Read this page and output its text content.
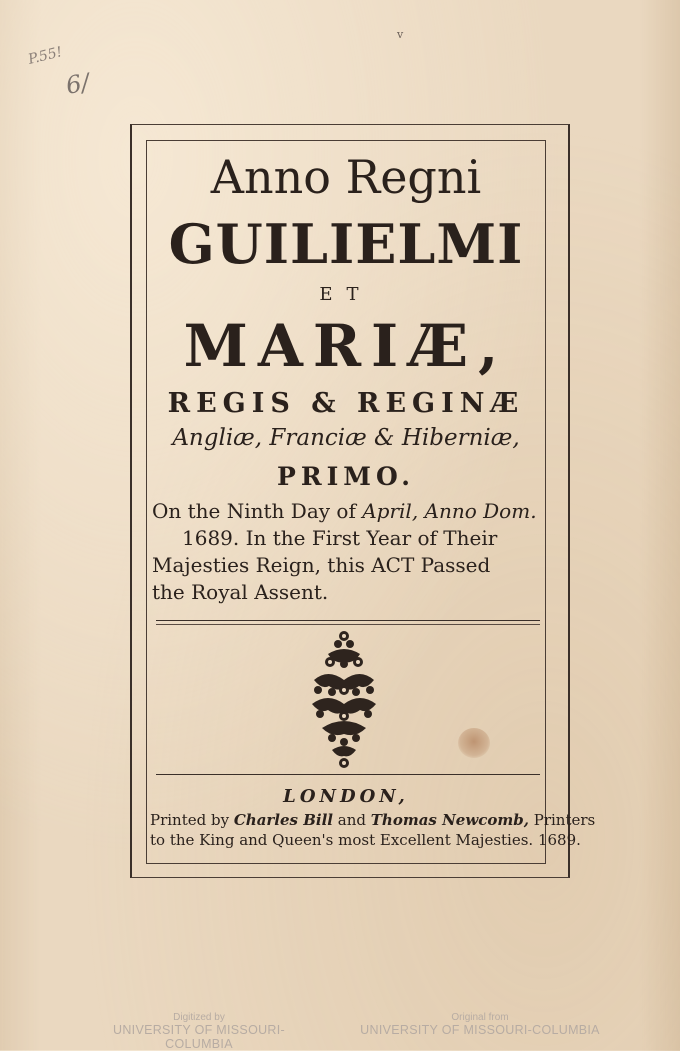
P.55!
6/
v
Anno Regni
GUILIELMI
ET
MARIÆ,
REGIS & REGINÆ
Angliæ, Franciæ & Hiberniæ,
PRIMO.
On the Ninth Day of April, Anno Dom.
1689. In the First Year of Their
Majesties Reign, this ACT Passed
the Royal Assent.
LONDON,
Printed by Charles Bill and Thomas Newcomb, Printers
to the King and Queen's most Excellent Majesties. 1689.
Digitized by
UNIVERSITY OF MISSOURI-COLUMBIA
Original from
UNIVERSITY OF MISSOURI-COLUMBIA
